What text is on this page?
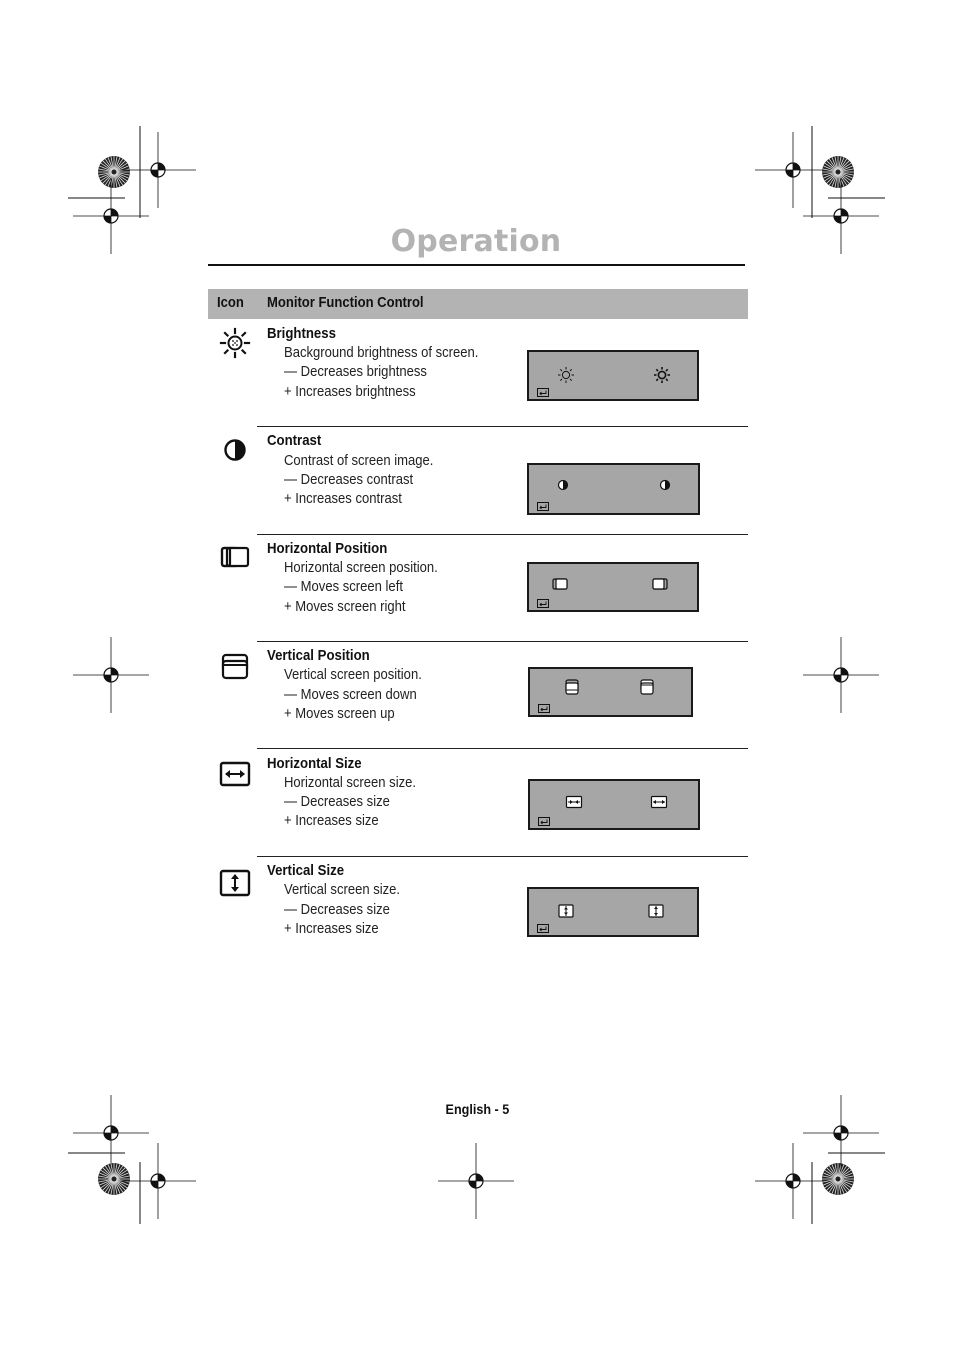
Operation
Icon Monitor Function Control
Brightness
Background brightness of screen.
— Decreases brightness
+ Increases brightness
Contrast
Contrast of screen image.
— Decreases contrast
+ Increases contrast
Horizontal Position
Horizontal screen position.
— Moves screen left
+ Moves screen right
Vertical Position
Vertical screen position.
— Moves screen down
+ Moves screen up
Horizontal Size
Horizontal screen size.
— Decreases size
+ Increases size
Vertical Size
Vertical screen size.
— Decreases size
+ Increases size
English - 5
